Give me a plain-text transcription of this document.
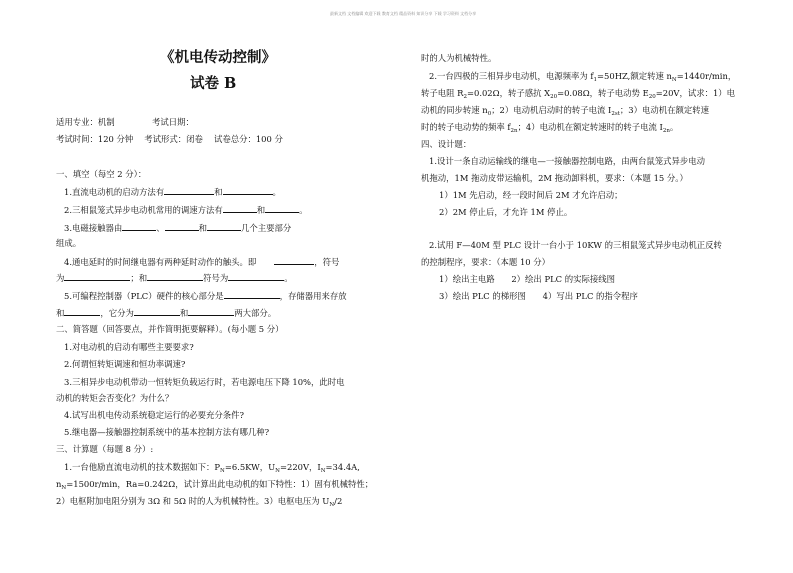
最新文档 文档编辑 欢迎下载 教育文档 精品资料 知识分享 下载 学习资料 文档分享
《机电传动控制》
试卷 B
适用专业：机制	考试日期：
考试时间：120 分钟　 考试形式：闭卷　 试卷总分：100 分
一、填空（每空 2 分）：
1.直流电动机的启动方法有	和	。
2.三相鼠笼式异步电动机常用的调速方法有	和	。
3.电磁接触器由	、	和	几个主要部分
组成。
4.通电延时的时间继电器有两种延时动作的触头。即	，符号
为	；和	符号为	。
5.可编程控制器（PLC）硬件的核心部分是	，存储器用来存放
和	，它分为	和	两大部分。
二、简答题（回答要点，并作简明扼要解释）。(每小题 5 分）
1.对电动机的启动有哪些主要要求?
2.何谓恒转矩调速和恒功率调速?
3.三相异步电动机带动一恒转矩负载运行时，若电源电压下降 10%，此时电
动机的转矩会否变化？为什么？
4.试写出机电传动系统稳定运行的必要充分条件?
5.继电器—接触器控制系统中的基本控制方法有哪几种?
三、计算题（每题 8 分）:
1.一台他励直流电动机的技术数据如下：$P_N=6.5KW$，$U_N=220V$，$I_N=34.4A$,
$n_N=1500r/\min$，Ra=0.242Ω，试计算出此电动机的如下特性：1）固有机械特性；
2）电枢附加电阻分别为 3Ω 和 5Ω 时的人为机械特性。3）电枢电压为 $U_N/2$
时的人为机械特性。
2.一台四极的三相异步电动机，电源频率为 $f_1=50HZ$,额定转速 $n_N=1440r/\min$，
转子电阻 $R_2=0.02\Omega$，转子感抗 $X_{20}=0.08\Omega$，转子电动势 $E_{20}=20V$，试求：1）电
动机的同步转速 $n_0$；2）电动机启动时的转子电流 $I_{2st}$；3）电动机在额定转速
时的转子电动势的频率 $f_{2n}$；4）电动机在额定转速时的转子电流 $I_{2n}$。
四、设计题：
1.设计一条自动运输线的继电—一接触器控制电路，由两台鼠笼式异步电动
机拖动，1M 拖动皮带运输机，2M 拖动卸料机，要求：（本题 15 分。）
1）1M 先启动，经一段时间后 2M 才允许启动；
2）2M 停止后，才允许 1M 停止。
2.试用 F—40M 型 PLC 设计一台小于 10KW 的三相鼠笼式异步电动机正反转
的控制程序，要求：（本题 10 分）
1）绘出主电路　　2）绘出 PLC 的实际接线图
3）绘出 PLC 的梯形图　　4）写出 PLC 的指令程序
